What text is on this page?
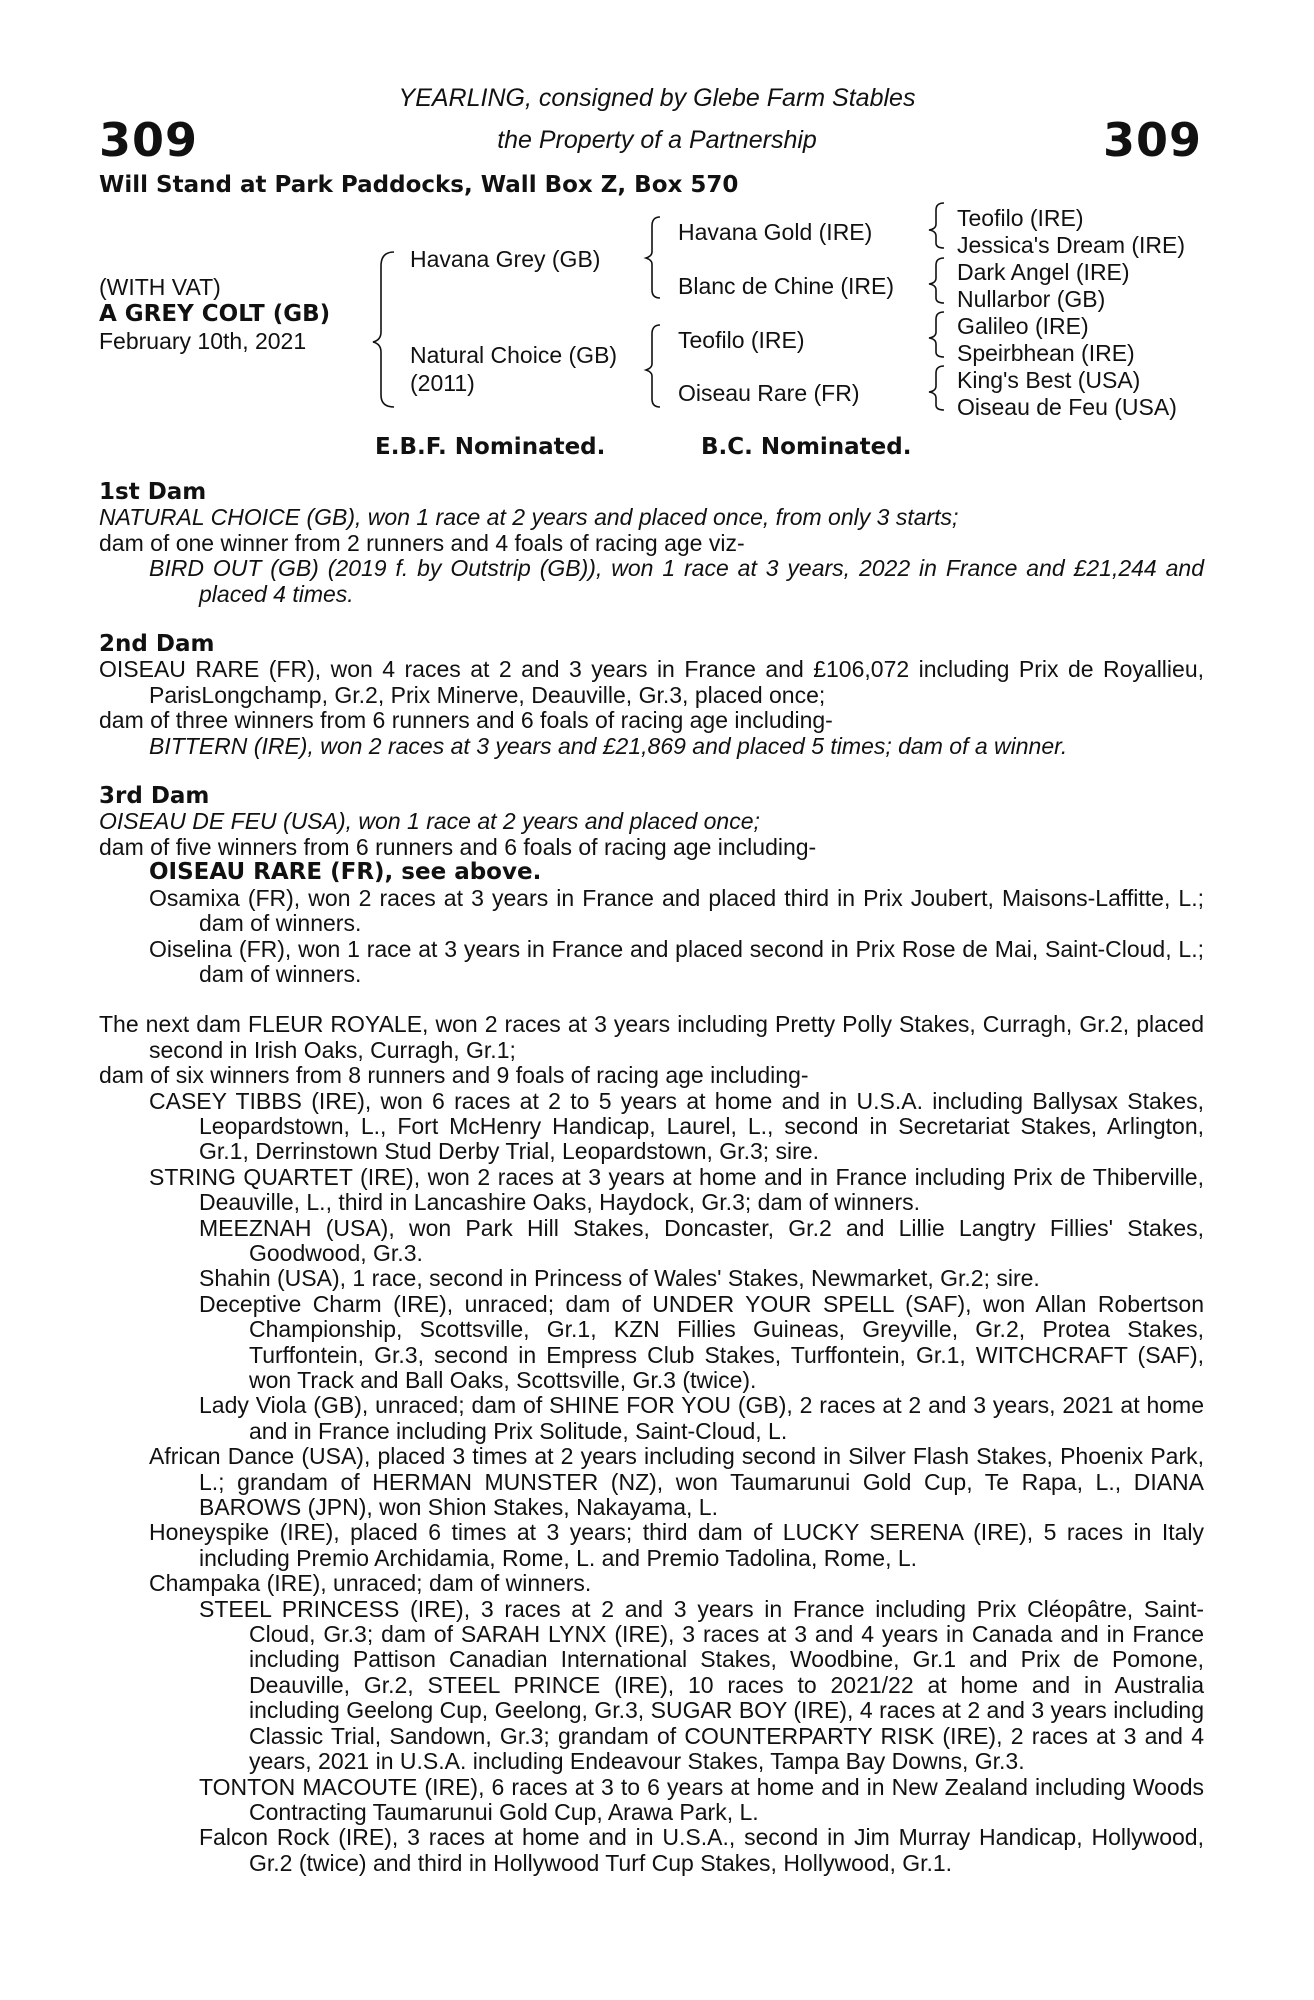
309	309
YEARLING, consigned by Glebe Farm Stables
the Property of a Partnership
Will Stand at Park Paddocks, Wall Box Z, Box 570
(WITH VAT)
A GREY COLT (GB)
February 10th, 2021
Havana Grey (GB)
Natural Choice (GB)
(2011)
Havana Gold (IRE)
Blanc de Chine (IRE)
Teofilo (IRE)
Oiseau Rare (FR)
Teofilo (IRE)
Jessica's Dream (IRE)
Dark Angel (IRE)
Nullarbor (GB)
Galileo (IRE)
Speirbhean (IRE)
King's Best (USA)
Oiseau de Feu (USA)
E.B.F. Nominated.	B.C. Nominated.
1st Dam

NATURAL CHOICE (GB), won 1 race at 2 years and placed once, from only 3 starts;

dam of one winner from 2 runners and 4 foals of racing age viz-

BIRD OUT (GB) (2019 f. by Outstrip (GB)), won 1 race at 3 years, 2022 in France and £21,244 and placed 4 times.

2nd Dam

OISEAU RARE (FR), won 4 races at 2 and 3 years in France and £106,072 including Prix de Royallieu, ParisLongchamp, Gr.2, Prix Minerve, Deauville, Gr.3, placed once;

dam of three winners from 6 runners and 6 foals of racing age including-

BITTERN (IRE), won 2 races at 3 years and £21,869 and placed 5 times; dam of a winner.

3rd Dam

OISEAU DE FEU (USA), won 1 race at 2 years and placed once;

dam of five winners from 6 runners and 6 foals of racing age including-

OISEAU RARE (FR), see above.

Osamixa (FR), won 2 races at 3 years in France and placed third in Prix Joubert, Maisons-Laffitte, L.; dam of winners.

Oiselina (FR), won 1 race at 3 years in France and placed second in Prix Rose de Mai, Saint-Cloud, L.; dam of winners.

The next dam FLEUR ROYALE, won 2 races at 3 years including Pretty Polly Stakes, Curragh, Gr.2, placed second in Irish Oaks, Curragh, Gr.1;

dam of six winners from 8 runners and 9 foals of racing age including-

CASEY TIBBS (IRE), won 6 races at 2 to 5 years at home and in U.S.A. including Ballysax Stakes, Leopardstown, L., Fort McHenry Handicap, Laurel, L., second in Secretariat Stakes, Arlington, Gr.1, Derrinstown Stud Derby Trial, Leopardstown, Gr.3; sire.

STRING QUARTET (IRE), won 2 races at 3 years at home and in France including Prix de Thiberville, Deauville, L., third in Lancashire Oaks, Haydock, Gr.3; dam of winners.

MEEZNAH (USA), won Park Hill Stakes, Doncaster, Gr.2 and Lillie Langtry Fillies' Stakes, Goodwood, Gr.3.

Shahin (USA), 1 race, second in Princess of Wales' Stakes, Newmarket, Gr.2; sire.

Deceptive Charm (IRE), unraced; dam of UNDER YOUR SPELL (SAF), won Allan Robertson Championship, Scottsville, Gr.1, KZN Fillies Guineas, Greyville, Gr.2, Protea Stakes, Turffontein, Gr.3, second in Empress Club Stakes, Turffontein, Gr.1, WITCHCRAFT (SAF), won Track and Ball Oaks, Scottsville, Gr.3 (twice).

Lady Viola (GB), unraced; dam of SHINE FOR YOU (GB), 2 races at 2 and 3 years, 2021 at home and in France including Prix Solitude, Saint-Cloud, L.

African Dance (USA), placed 3 times at 2 years including second in Silver Flash Stakes, Phoenix Park, L.; grandam of HERMAN MUNSTER (NZ), won Taumarunui Gold Cup, Te Rapa, L., DIANA BAROWS (JPN), won Shion Stakes, Nakayama, L.

Honeyspike (IRE), placed 6 times at 3 years; third dam of LUCKY SERENA (IRE), 5 races in Italy including Premio Archidamia, Rome, L. and Premio Tadolina, Rome, L.

Champaka (IRE), unraced; dam of winners.

STEEL PRINCESS (IRE), 3 races at 2 and 3 years in France including Prix Cléopâtre, Saint-Cloud, Gr.3; dam of SARAH LYNX (IRE), 3 races at 3 and 4 years in Canada and in France including Pattison Canadian International Stakes, Woodbine, Gr.1 and Prix de Pomone, Deauville, Gr.2, STEEL PRINCE (IRE), 10 races to 2021/22 at home and in Australia including Geelong Cup, Geelong, Gr.3, SUGAR BOY (IRE), 4 races at 2 and 3 years including Classic Trial, Sandown, Gr.3; grandam of COUNTERPARTY RISK (IRE), 2 races at 3 and 4 years, 2021 in U.S.A. including Endeavour Stakes, Tampa Bay Downs, Gr.3.

TONTON MACOUTE (IRE), 6 races at 3 to 6 years at home and in New Zealand including Woods Contracting Taumarunui Gold Cup, Arawa Park, L.

Falcon Rock (IRE), 3 races at home and in U.S.A., second in Jim Murray Handicap, Hollywood, Gr.2 (twice) and third in Hollywood Turf Cup Stakes, Hollywood, Gr.1.
